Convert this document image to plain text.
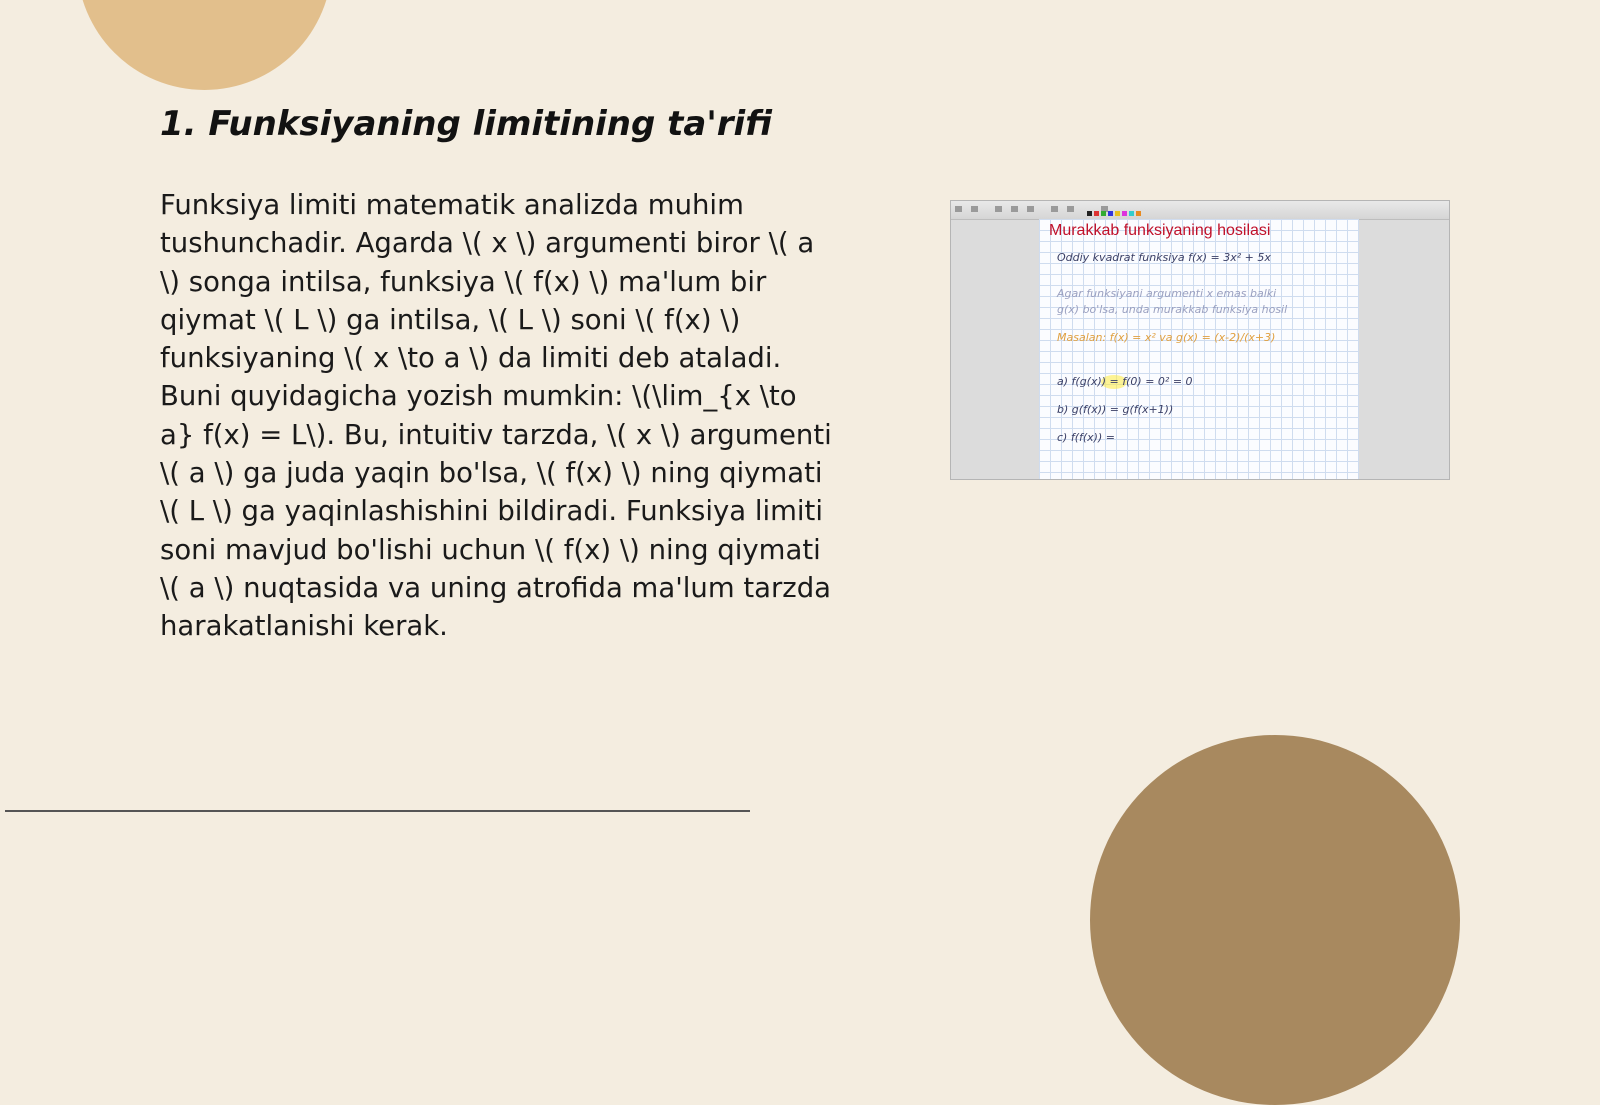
1. Funksiyaning limitining ta'rifi

Funksiya limiti matematik analizda muhim tushunchadir. Agarda \( x \) argumenti biror \( a \) songa intilsa, funksiya \( f(x) \) ma'lum bir qiymat \( L \) ga intilsa, \( L \) soni \( f(x) \) funksiyaning \( x \to a \) da limiti deb ataladi. Buni quyidagicha yozish mumkin: \(\lim_{x \to a} f(x) = L\). Bu, intuitiv tarzda, \( x \) argumenti \( a \) ga juda yaqin bo'lsa, \( f(x) \) ning qiymati \( L \) ga yaqinlashishini bildiradi. Funksiya limiti soni mavjud bo'lishi uchun \( f(x) \) ning qiymati \( a \) nuqtasida va uning atrofida ma'lum tarzda harakatlanishi kerak.

Murakkab funksiyaning hosilasi
Oddiy kvadrat funksiya f(x) = 3x² + 5x
Agar funksiyani argumenti x emas balki
g(x) bo'lsa, unda murakkab funksiya hosil
Masalan: f(x) = x² va g(x) = (x-2)/(x+3)
a) f(g(x)) = f(0) = 0² = 0
b) g(f(x)) = g(f(x+1))
c) f(f(x)) =
